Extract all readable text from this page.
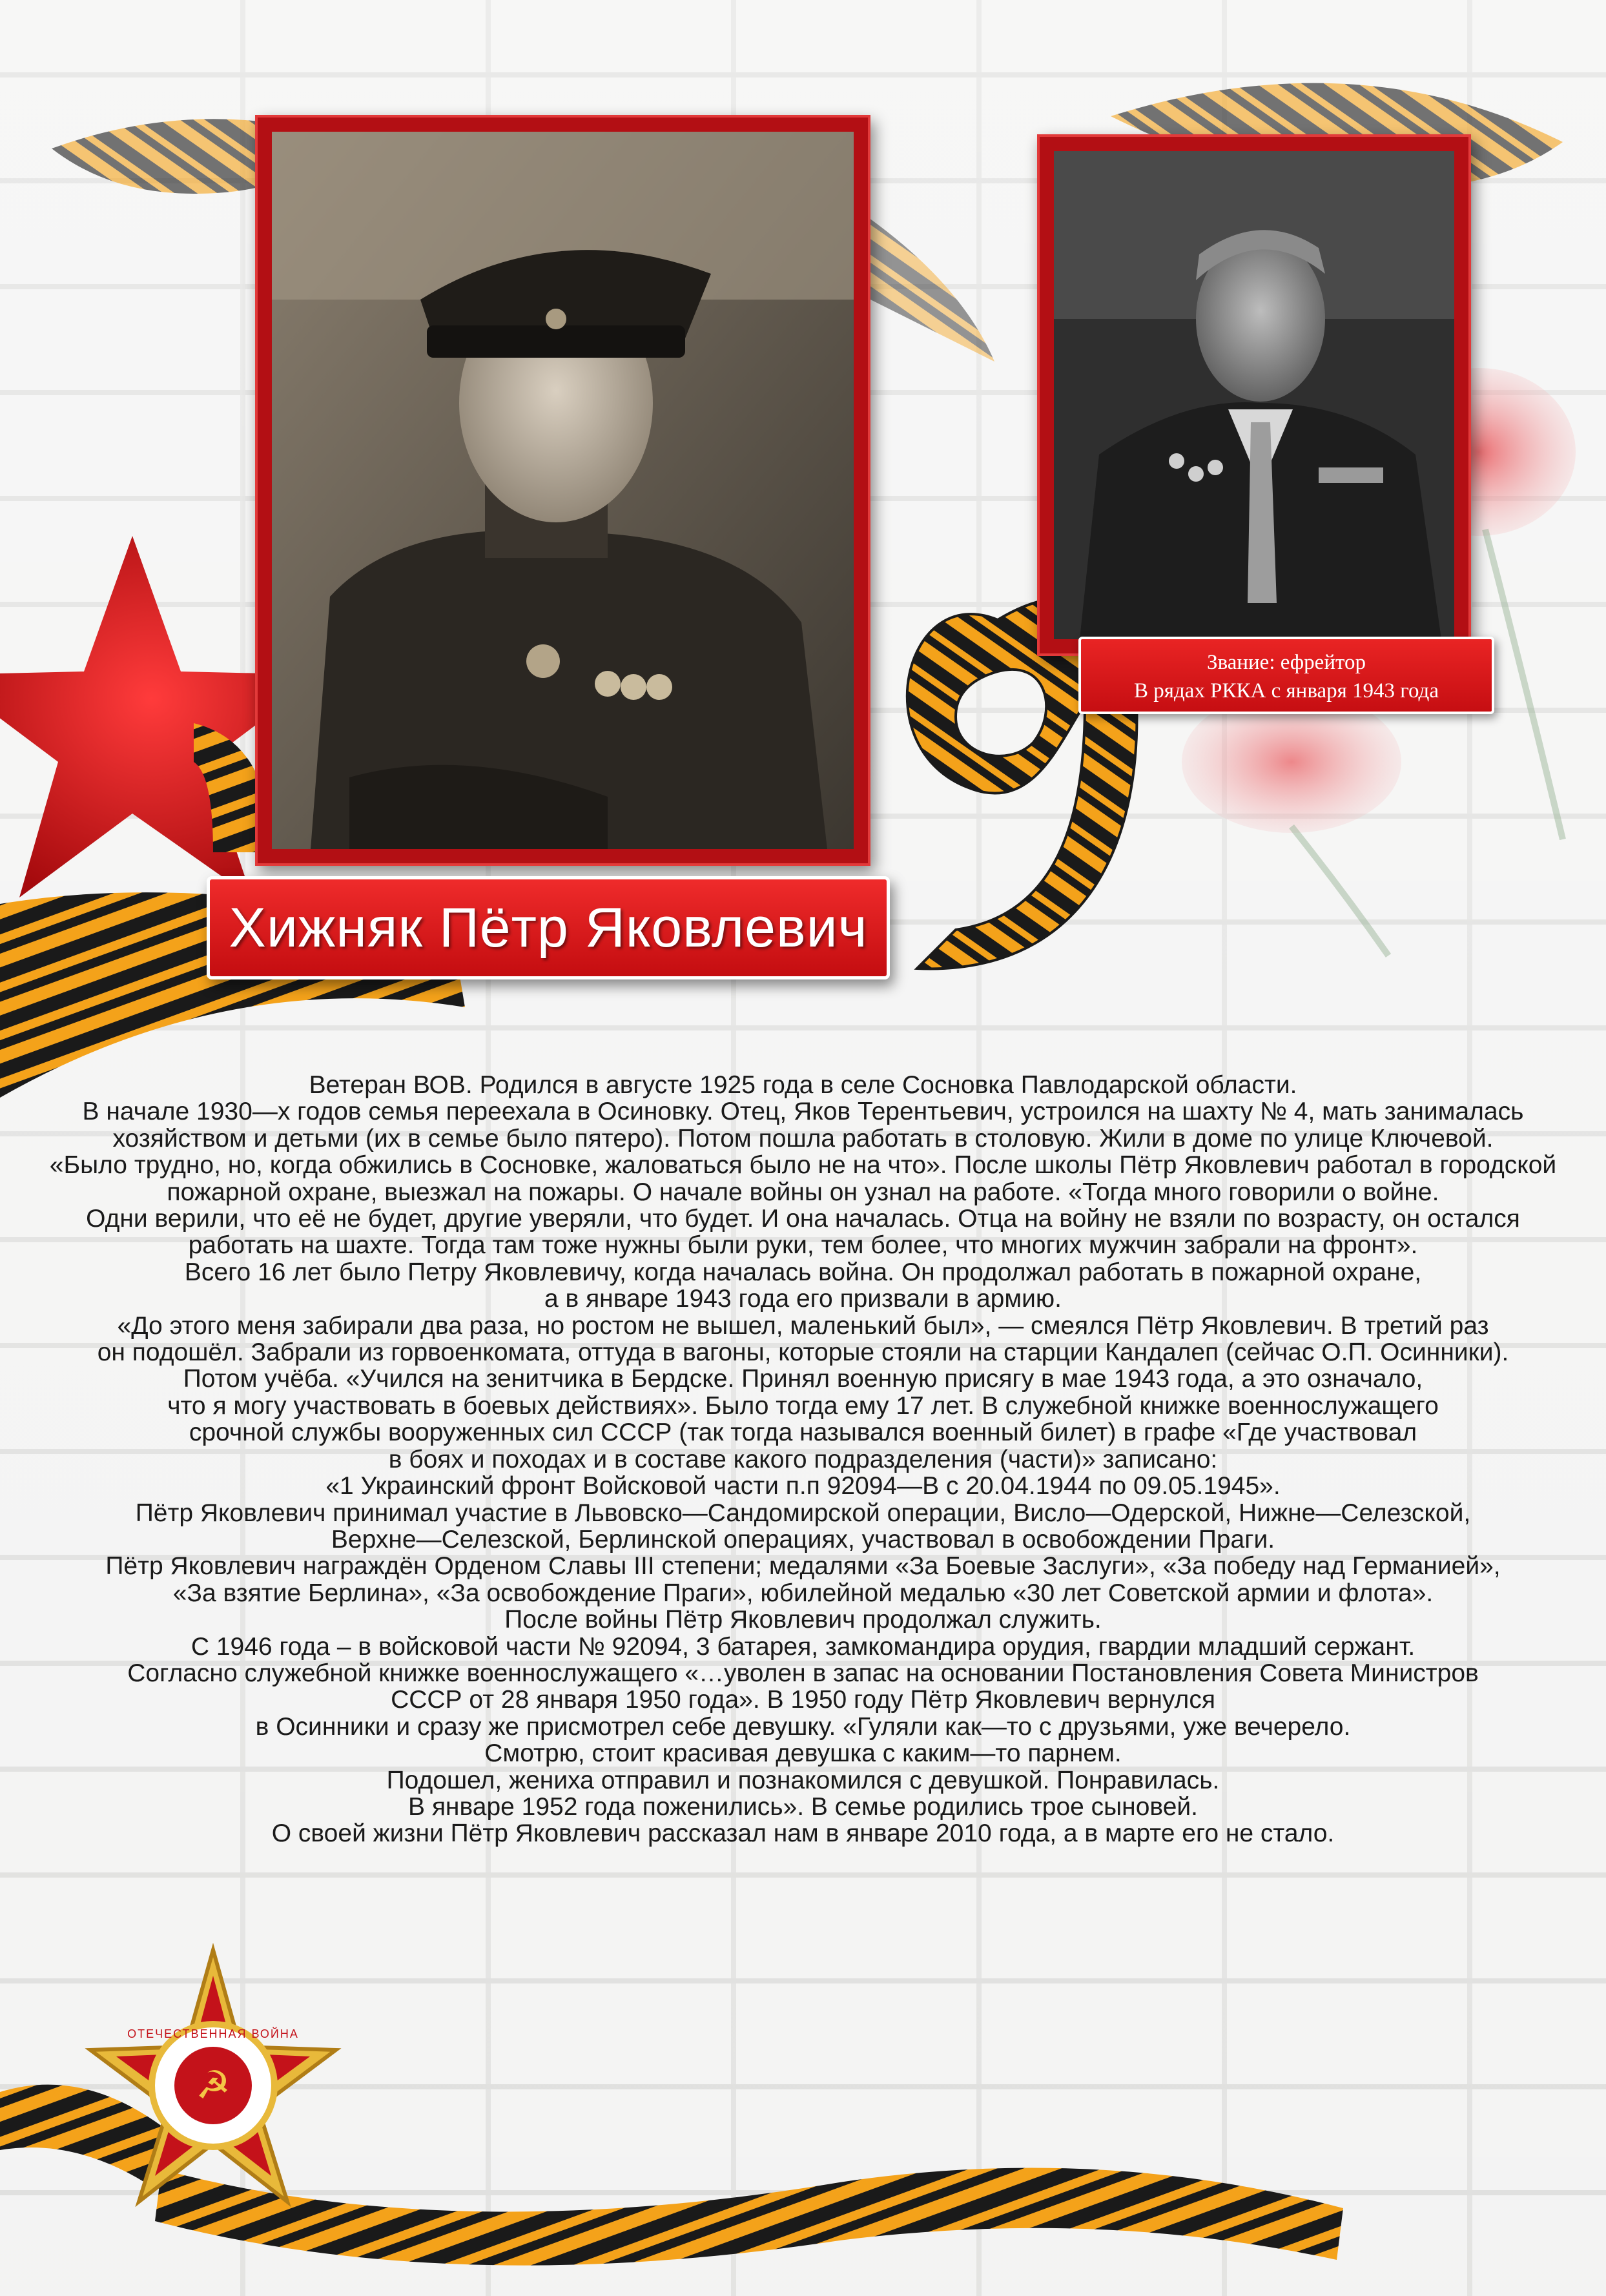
☭
ОТЕЧЕСТВЕННАЯ ВОЙНА
Звание: ефрейтор
В рядах РККА с января 1943 года
Хижняк Пётр Яковлевич

Ветеран ВОВ. Родился в августе 1925 года в селе Сосновка Павлодарской области.

В начале 1930—х годов семья переехала в Осиновку. Отец, Яков Терентьевич, устроился на шахту № 4, мать занималась

хозяйством и детьми (их в семье было пятеро). Потом пошла работать в столовую. Жили в доме по улице Ключевой.

«Было трудно, но, когда обжились в Сосновке, жаловаться было не на что». После школы Пётр Яковлевич работал в городской

пожарной охране, выезжал на пожары. О начале войны он узнал на работе. «Тогда много говорили о войне.

Одни верили, что её не будет, другие уверяли, что будет. И она началась. Отца на войну не взяли по возрасту, он остался

работать на шахте. Тогда там тоже нужны были руки, тем более, что многих мужчин забрали на фронт».

Всего 16 лет было Петру Яковлевичу, когда началась война. Он продолжал работать в пожарной охране,

а в январе 1943 года его призвали в армию.

«До этого меня забирали два раза, но ростом не вышел, маленький был», — смеялся Пётр Яковлевич. В третий раз

он подошёл. Забрали из горвоенкомата, оттуда в вагоны, которые стояли на старции Кандалеп (сейчас О.П. Осинники).

Потом учёба. «Учился на зенитчика в Бердске. Принял военную присягу в мае 1943 года, а это означало,

что я могу участвовать в боевых действиях». Было тогда ему 17 лет. В служебной книжке военнослужащего

срочной службы вооруженных сил СССР (так тогда назывался военный билет) в графе «Где участвовал

в боях и походах и в составе какого подразделения (части)» записано:

«1 Украинский фронт Войсковой части п.п 92094—В с 20.04.1944 по 09.05.1945».

Пётр Яковлевич принимал участие в Львовско—Сандомирской операции, Висло—Одерской, Нижне—Селезской,

Верхне—Селезской, Берлинской операциях, участвовал в освобождении Праги.

Пётр Яковлевич награждён Орденом Славы III степени; медалями «За Боевые Заслуги», «За победу над Германией»,

«За взятие Берлина», «За освобождение Праги», юбилейной медалью «30 лет Советской армии и флота».

После войны Пётр Яковлевич продолжал служить.

С 1946 года – в войсковой части № 92094, 3 батарея, замкомандира орудия, гвардии младший сержант.

Согласно служебной книжке военнослужащего «…уволен в запас на основании Постановления Совета Министров

СССР от 28 января 1950 года». В 1950 году Пётр Яковлевич вернулся

в Осинники и сразу же присмотрел себе девушку. «Гуляли как—то с друзьями, уже вечерело.

Смотрю, стоит красивая девушка с каким—то парнем.

Подошел, жениха отправил и познакомился с девушкой. Понравилась.

В январе 1952 года поженились». В семье родились трое сыновей.

О своей жизни Пётр Яковлевич рассказал нам в январе 2010 года, а в марте его не стало.
